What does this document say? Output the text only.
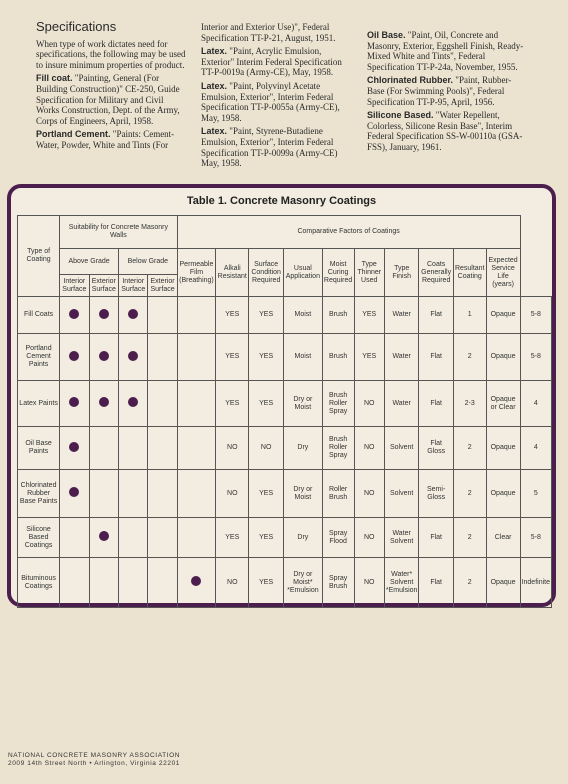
Specifications

When type of work dictates need for specifications, the following may be used to insure minimum properties of product.

Fill coat. "Painting, General (For Building Construction)" CE-250, Guide Specification for Military and Civil Works Construction, Dept. of the Army, Corps of Engineers, April, 1958.

Portland Cement. "Paints: Cement-Water, Powder, White and Tints (For

Interior and Exterior Use)", Federal Specification TT-P-21, August, 1951.

Latex. "Paint, Acrylic Emulsion, Exterior" Interim Federal Specification TT-P-0019a (Army-CE), May, 1958.

Latex. "Paint, Polyvinyl Acetate Emulsion, Exterior", Interim Federal Specification TT-P-0055a (Army-CE), May, 1958.

Latex. "Paint, Styrene-Butadiene Emulsion, Exterior", Interim Federal Specification TT-P-0099a (Army-CE) May, 1958.

Oil Base. "Paint, Oil, Concrete and Masonry, Exterior, Eggshell Finish, Ready-Mixed White and Tints", Federal Specification TT-P-24a, November, 1955.

Chlorinated Rubber. "Paint, Rubber-Base (For Swimming Pools)", Federal Specification TT-P-95, April, 1956.

Silicone Based. "Water Repellent, Colorless, Silicone Resin Base", Interim Federal Specification SS-W-00110a (GSA-FSS), January, 1961.

Table 1. Concrete Masonry Coatings
Type of Coating	Suitability for Concrete Masonry Walls				Comparative Factors of Coatings										
	Above Grade		Below Grade		Permeable Film (Breathing)	Alkali Resistant	Surface Condition Required	Usual Application	Moist Curing Required	Type Thinner Used	Type Finish	Coats Generally Required	Resultant Coating	Expected Service Life (years)	
	Interior Surface	Exterior Surface	Interior Surface	Exterior Surface											
Fill Coats						YES	YES	Moist	Brush	YES	Water	Flat	1	Opaque	5-8
Portland Cement Paints						YES	YES	Moist	Brush	YES	Water	Flat	2	Opaque	5-8
Latex Paints						YES	YES	Dry or Moist	Brush Roller Spray	NO	Water	Flat	2-3	Opaque or Clear	4
Oil Base Paints						NO	NO	Dry	Brush Roller Spray	NO	Solvent	Flat Gloss	2	Opaque	4
Chlorinated Rubber Base Paints						NO	YES	Dry or Moist	Roller Brush	NO	Solvent	Semi-Gloss	2	Opaque	5
Silicone Based Coatings						YES	YES	Dry	Spray Flood	NO	Water Solvent	Flat	2	Clear	5-8
Bituminous Coatings						NO	YES	Dry or Moist* *Emulsion	Spray Brush	NO	Water* Solvent *Emulsion	Flat	2	Opaque	Indefinite
NATIONAL CONCRETE MASONRY ASSOCIATION
2009 14th Street North • Arlington, Virginia 22201
